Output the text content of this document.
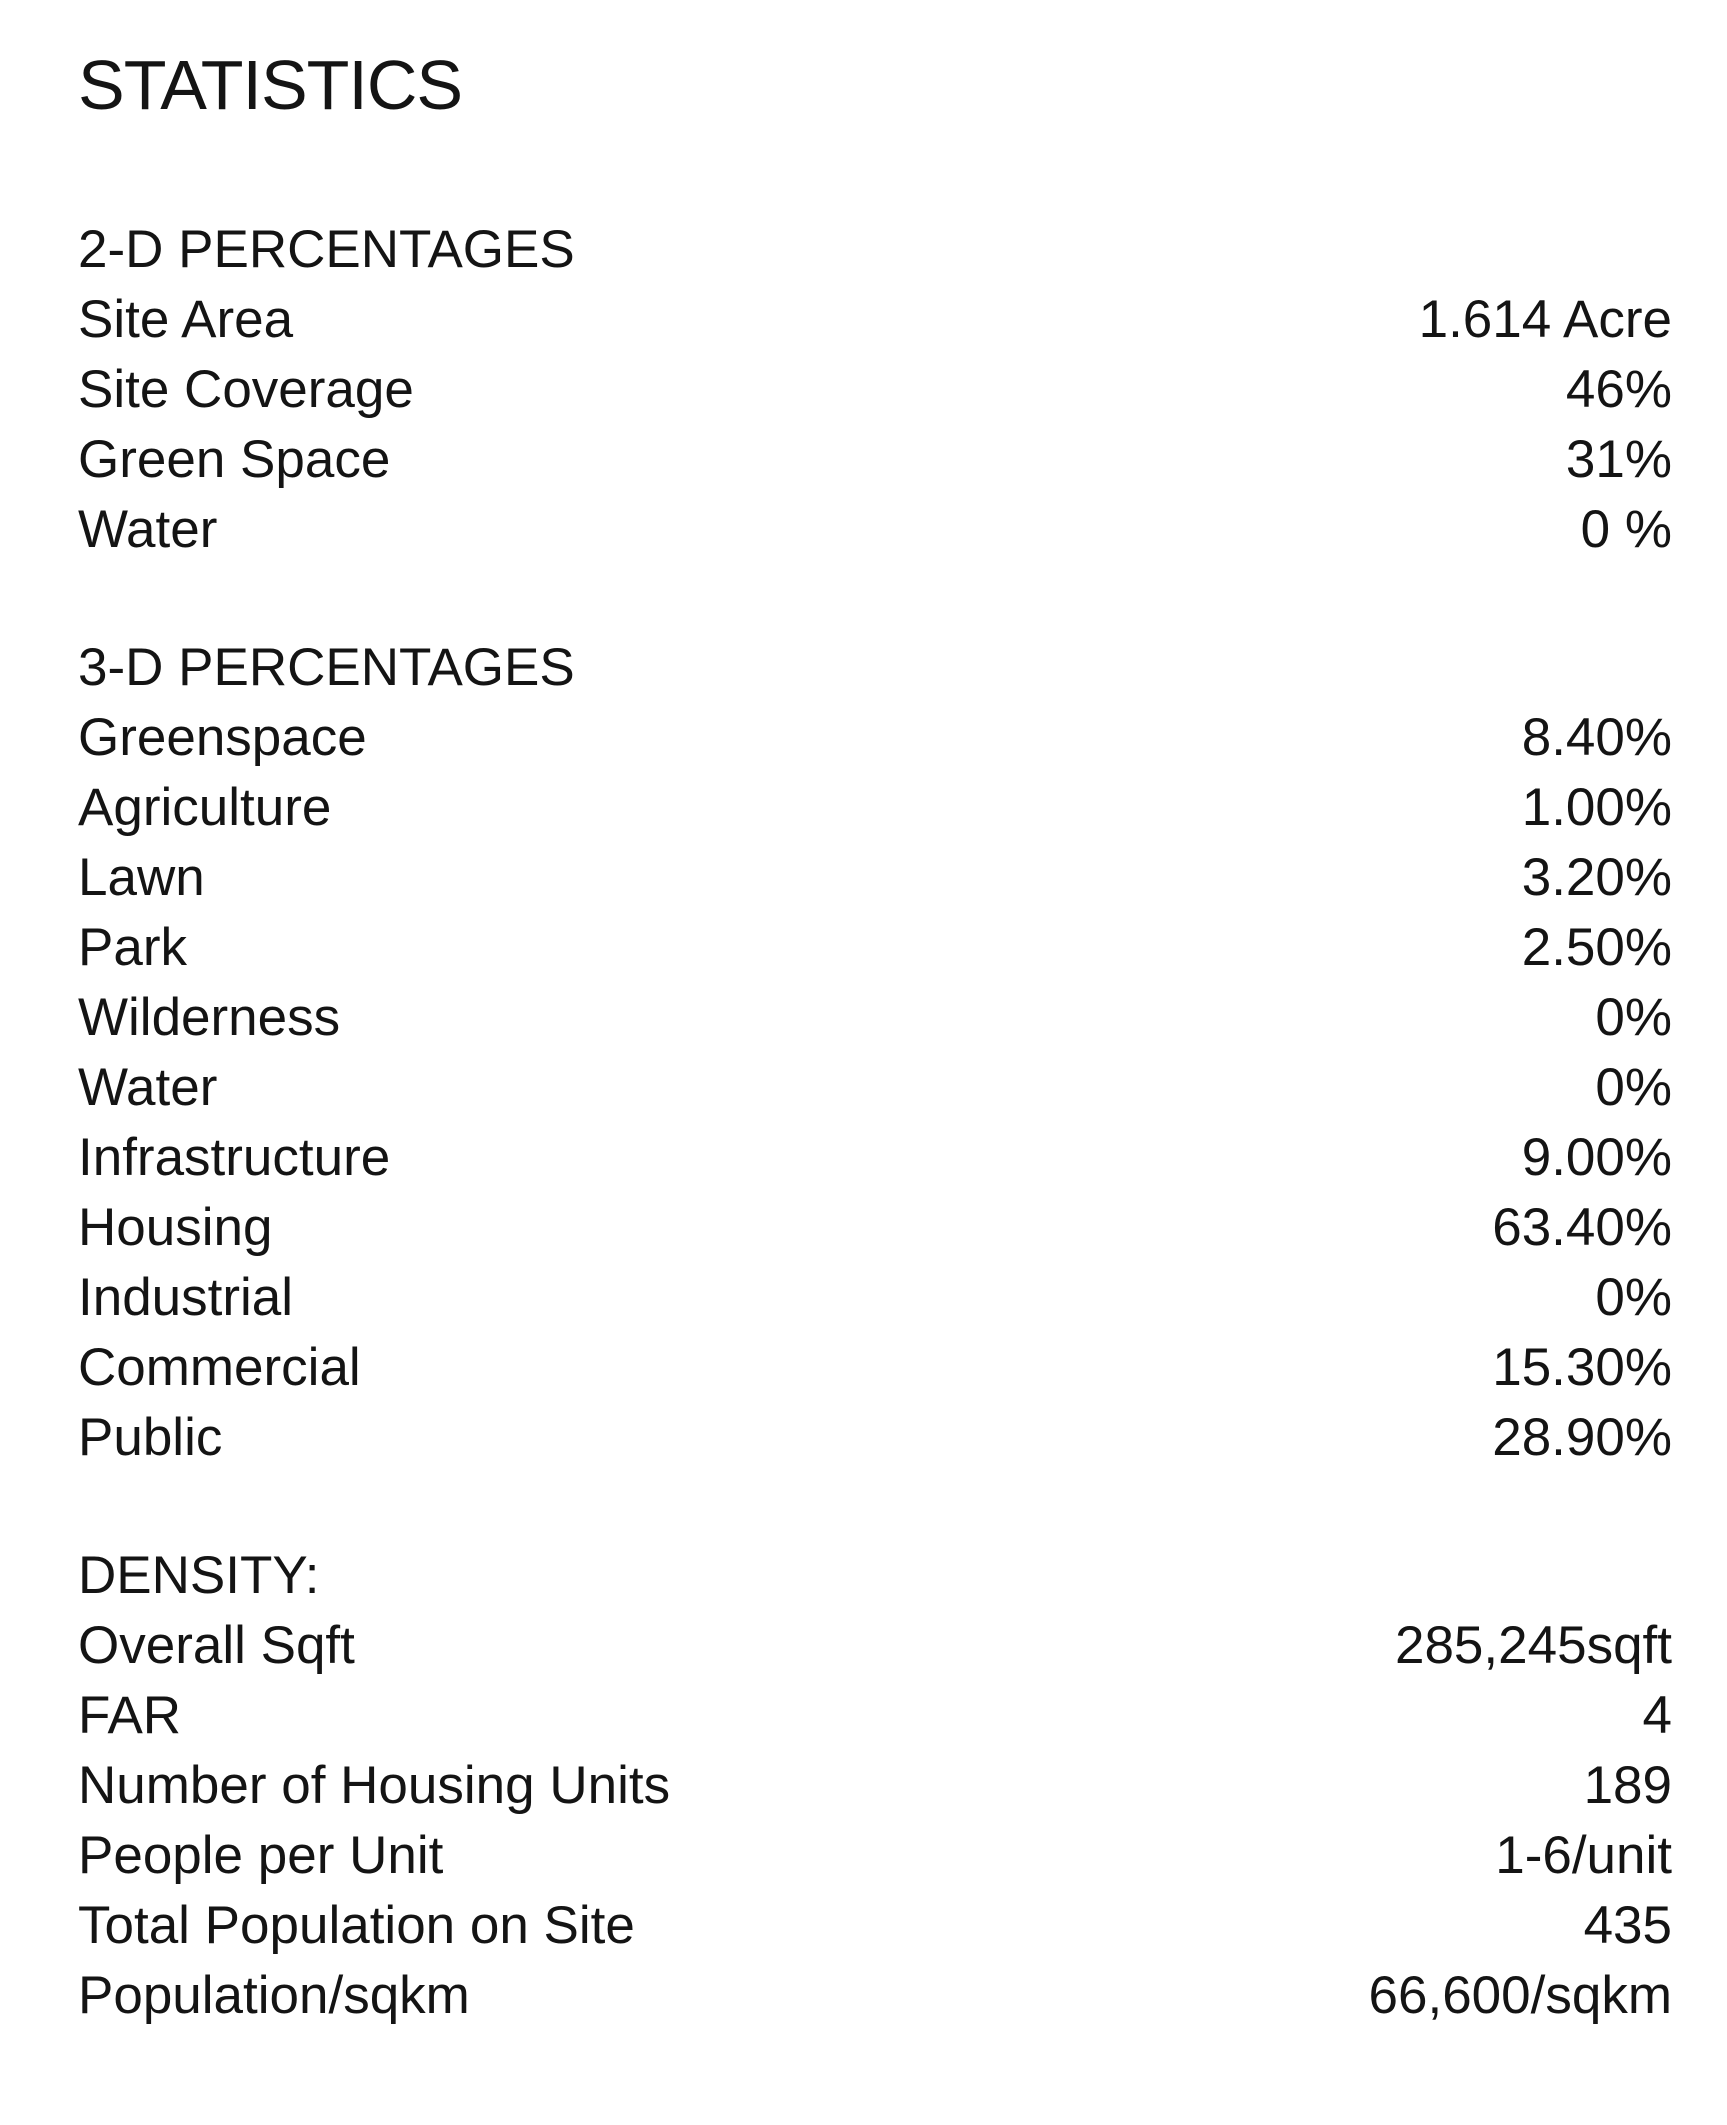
STATISTICS
2-D PERCENTAGES
Site Area	1.614 Acre
Site Coverage	46%
Green Space	31%
Water	0 %
3-D PERCENTAGES
Greenspace	8.40%
Agriculture	1.00%
Lawn	3.20%
Park	2.50%
Wilderness	0%
Water	0%
Infrastructure	9.00%
Housing	63.40%
Industrial	0%
Commercial	15.30%
Public	28.90%
DENSITY:
Overall Sqft	285,245sqft
FAR	4
Number of Housing Units	189
People per Unit	1-6/unit
Total Population on Site	435
Population/sqkm	66,600/sqkm
